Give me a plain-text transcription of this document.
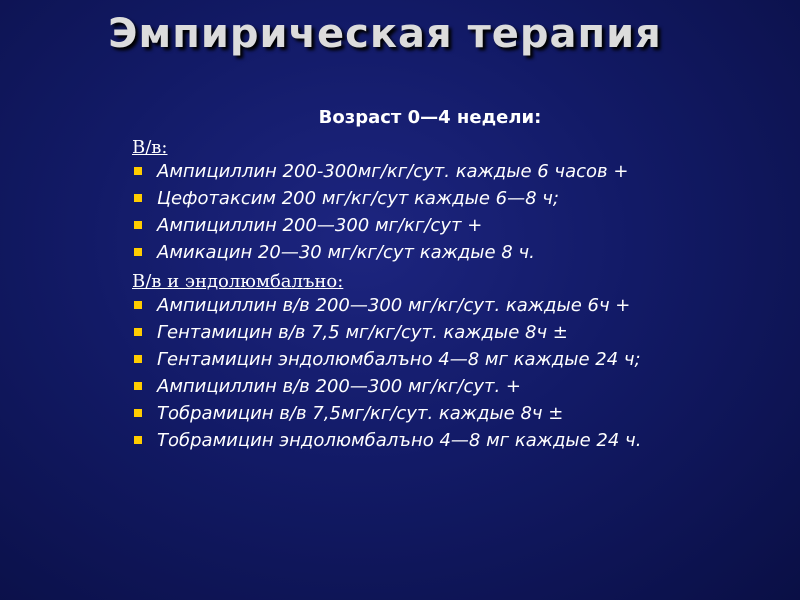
Эмпирическая терапия
Возраст 0—4 недели:
В/в:
Ампициллин 200-300мг/кг/сут. каждые 6 часов +
Цефотаксим 200 мг/кг/сут каждые 6—8 ч;
Ампициллин 200—300 мг/кг/сут +
Амикацин 20—30 мг/кг/сут каждые 8 ч.
В/в и эндолюмбалъно:
Ампициллин в/в 200—300 мг/кг/сут. каждые 6ч +
Гентамицин в/в 7,5 мг/кг/сут. каждые 8ч ±
Гентамицин эндолюмбалъно 4—8 мг каждые 24 ч;
Ампициллин в/в 200—300 мг/кг/сут. +
Тобрамицин в/в 7,5мг/кг/сут. каждые 8ч ±
Тобрамицин эндолюмбалъно 4—8 мг каждые 24 ч.
